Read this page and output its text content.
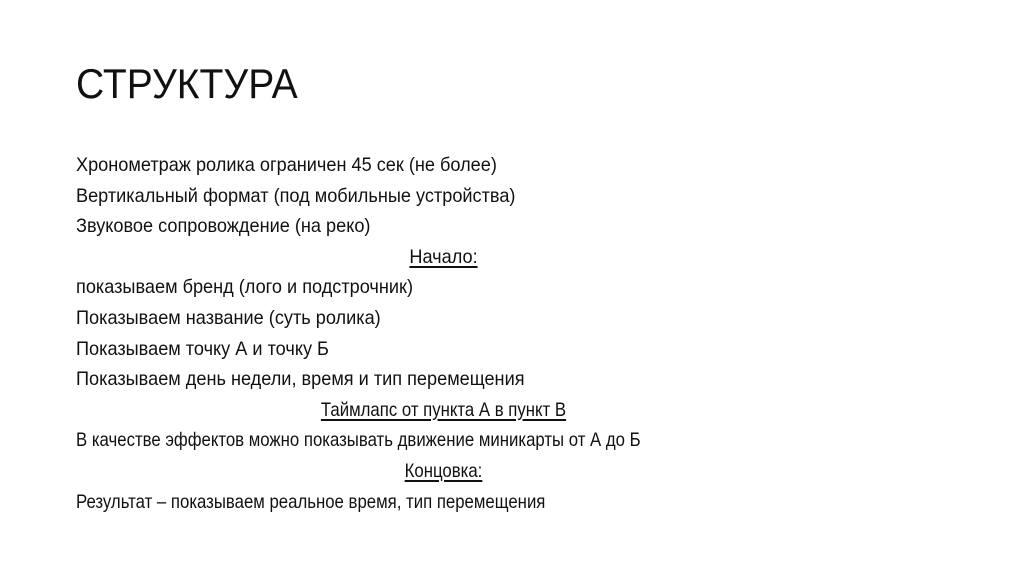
СТРУКТУРА
Хронометраж ролика ограничен 45 сек (не более)
Вертикальный формат (под мобильные устройства)
Звуковое сопровождение (на реко)
Начало:
показываем бренд (лого и подстрочник)
Показываем название (суть ролика)
Показываем точку А и точку Б
Показываем день недели, время и тип перемещения
Таймлапс от пункта А в пункт В
В качестве эффектов можно показывать движение миникарты от А до Б
Концовка:
Результат – показываем реальное время, тип перемещения
